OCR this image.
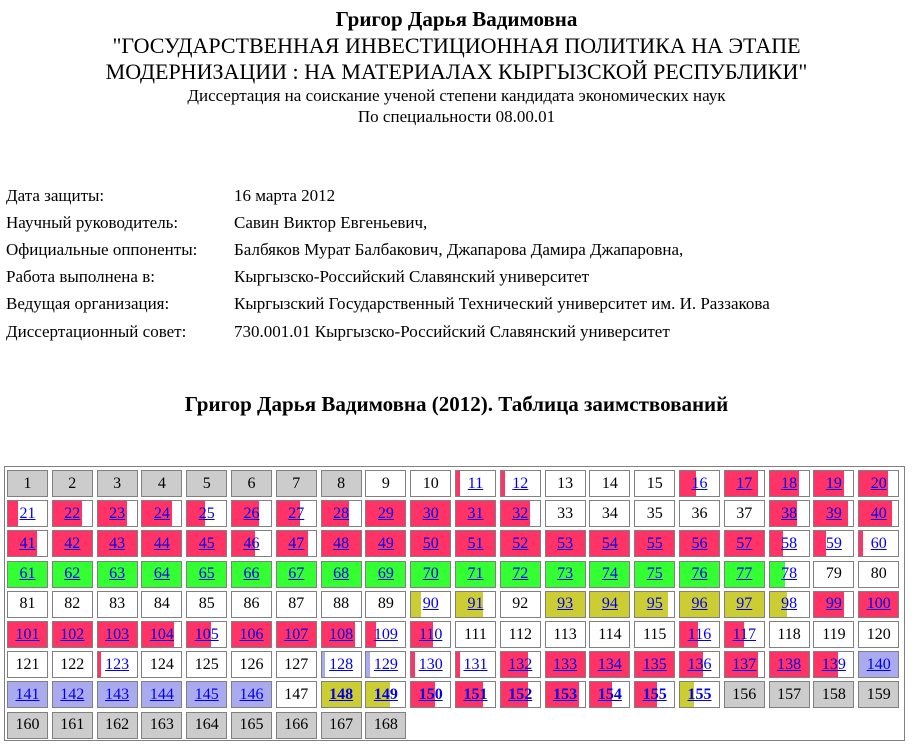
Григор Дарья Вадимовна
"ГОСУДАРСТВЕННАЯ ИНВЕСТИЦИОННАЯ ПОЛИТИКА НА ЭТАПЕ
МОДЕРНИЗАЦИИ : НА МАТЕРИАЛАХ КЫРГЫЗСКОЙ РЕСПУБЛИКИ"
Диссертация на соискание ученой степени кандидата экономических наук
По специальности 08.00.01
Дата защиты:	16 марта 2012
Научный руководитель:	Савин Виктор Евгеньевич,
Официальные оппоненты:	Балбяков Мурат Балбакович, Джапарова Дамира Джапаровна,
Работа выполнена в:	Кыргызско-Российский Славянский университет
Ведущая организация:	Кыргызский Государственный Технический университет им. И. Раззакова
Диссертационный совет:	730.001.01 Кыргызско-Российский Славянский университет
Григор Дарья Вадимовна (2012). Таблица заимствований
1 2 3 4 5 6 7 8 9 10 11 12 13 14 15 16 17 18 19 20
21 22 23 24 25 26 27 28 29 30 31 32 33 34 35 36 37 38 39 40
41 42 43 44 45 46 47 48 49 50 51 52 53 54 55 56 57 58 59 60
61 62 63 64 65 66 67 68 69 70 71 72 73 74 75 76 77 78 79 80
81 82 83 84 85 86 87 88 89 90 91 92 93 94 95 96 97 98 99 100
101 102 103 104 105 106 107 108 109 110 111 112 113 114 115 116 117 118 119 120
121 122 123 124 125 126 127 128 129 130 131 132 133 134 135 136 137 138 139 140
141 142 143 144 145 146 147 148 149 150 151 152 153 154 155 155 156 157 158 159
160 161 162 163 164 165 166 167 168
